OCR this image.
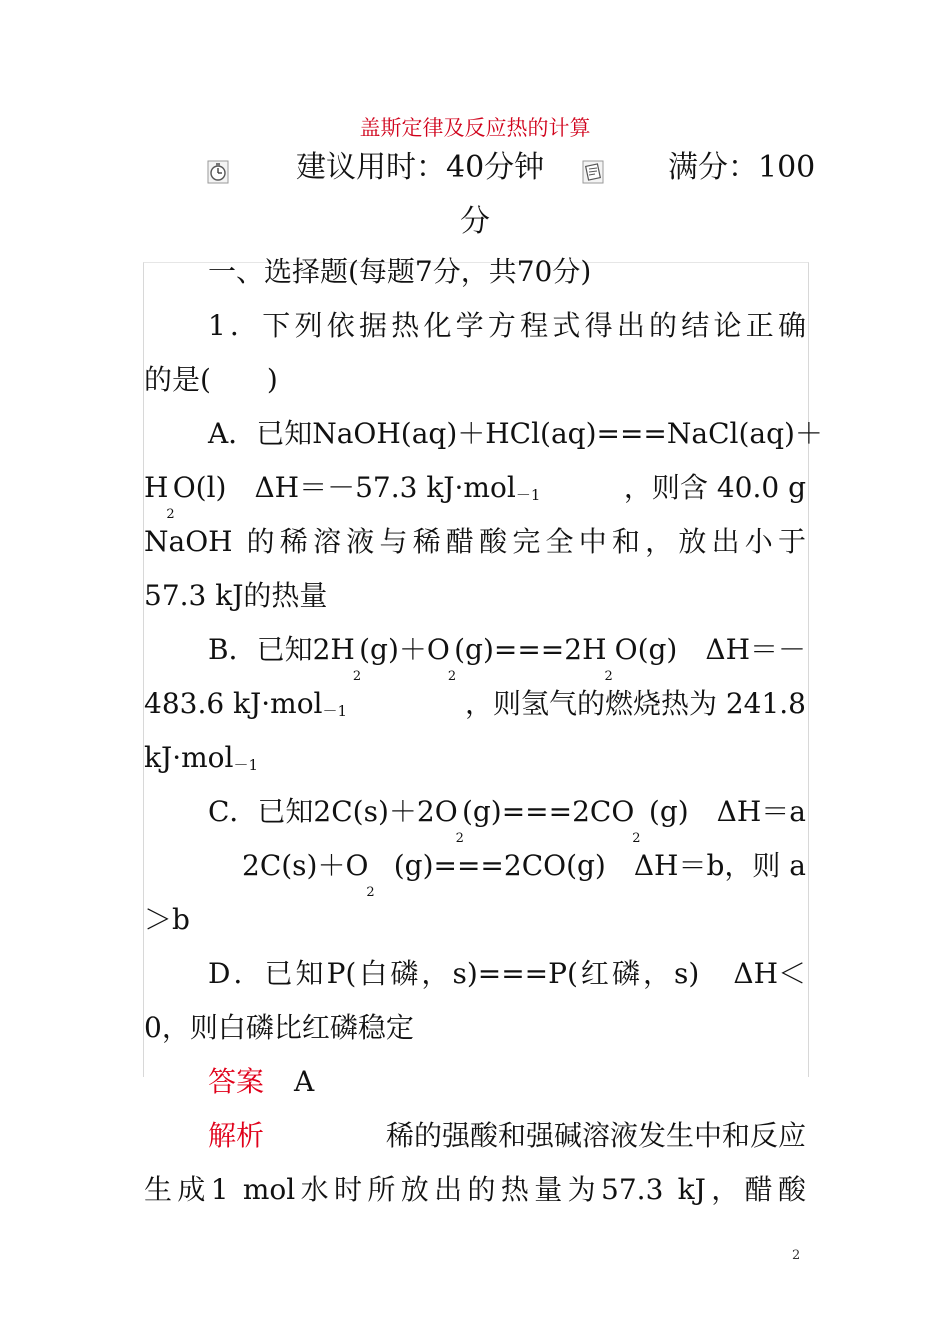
盖斯定律及反应热的计算
建议用时：40分钟	满分：100
分
一、选择题(每题7分，共70分)
1．下列依据热化学方程式得出的结论正确
的是(　　)
A．已知NaOH(aq)＋HCl(aq)===NaCl(aq)＋
$H_2O(l)$　ΔH＝－57.3 kJ·mol－1	，则含 40.0 g
NaOH 的稀溶液与稀醋酸完全中和，放出小于
57.3 kJ的热量
B．已知$2H_2(g)+O_2(g)===2H_2$
O(g)　ΔH＝－
483.6 kJ·mol－1	，则氢气的燃烧热为 241.8
kJ·mol－1
C．已知$2C(s)+2O_2(g)===2CO_2$
(g)　ΔH＝a
$2C(s)+O_2$
(g)===2CO(g)　ΔH＝b，则 a
＞b
D．已知P(白磷，s)===P(红磷，s)　ΔH＜
0，则白磷比红磷稳定
答案 A
解析	稀的强酸和强碱溶液发生中和反应
生成1 mol水时所放出的热量为57.3 kJ，醋酸
2
